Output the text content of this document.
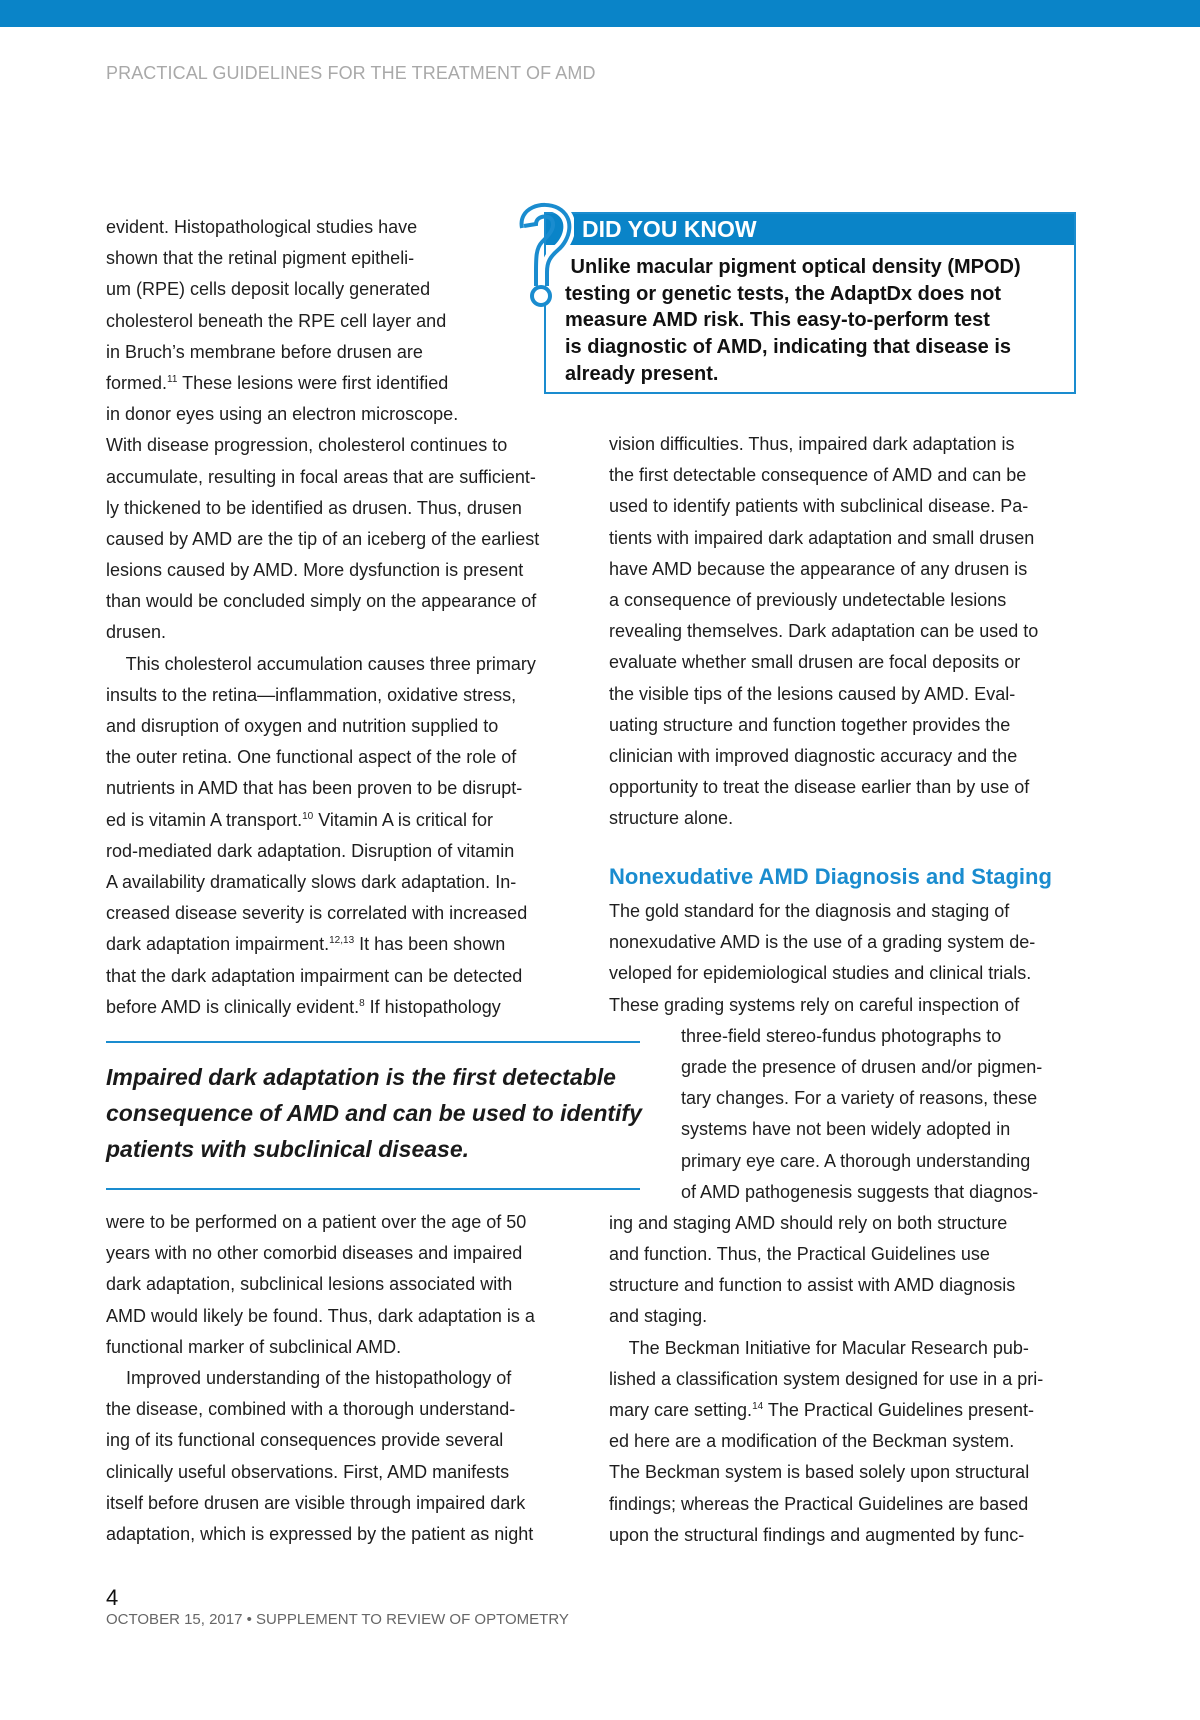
PRACTICAL GUIDELINES FOR THE TREATMENT OF AMD
evident. Histopathological studies have
shown that the retinal pigment epitheli-
um (RPE) cells deposit locally generated
cholesterol beneath the RPE cell layer and
in Bruch’s membrane before drusen are
formed.$^{11}$ These lesions were first identified
in donor eyes using an electron microscope.
With disease progression, cholesterol continues to
accumulate, resulting in focal areas that are sufficient-
ly thickened to be identified as drusen. Thus, drusen
caused by AMD are the tip of an iceberg of the earliest
lesions caused by AMD. More dysfunction is present
than would be concluded simply on the appearance of
drusen.
This cholesterol accumulation causes three primary
insults to the retina—inflammation, oxidative stress,
and disruption of oxygen and nutrition supplied to
the outer retina. One functional aspect of the role of
nutrients in AMD that has been proven to be disrupt-
ed is vitamin A transport.$^{10}$ Vitamin A is critical for
rod-mediated dark adaptation. Disruption of vitamin
A availability dramatically slows dark adaptation. In-
creased disease severity is correlated with increased
dark adaptation impairment.$^{12,13}$ It has been shown
that the dark adaptation impairment can be detected
before AMD is clinically evident.$^8$ If histopathology
Impaired dark adaptation is the first detectable
consequence of AMD and can be used to identify
patients with subclinical disease.
were to be performed on a patient over the age of 50
years with no other comorbid diseases and impaired
dark adaptation, subclinical lesions associated with
AMD would likely be found. Thus, dark adaptation is a
functional marker of subclinical AMD.
Improved understanding of the histopathology of
the disease, combined with a thorough understand-
ing of its functional consequences provide several
clinically useful observations. First, AMD manifests
itself before drusen are visible through impaired dark
adaptation, which is expressed by the patient as night
DID YOU KNOW
Unlike macular pigment optical density (MPOD)
testing or genetic tests, the AdaptDx does not
measure AMD risk. This easy-to-perform test
is diagnostic of AMD, indicating that disease is
already present.
vision difficulties. Thus, impaired dark adaptation is
the first detectable consequence of AMD and can be
used to identify patients with subclinical disease. Pa-
tients with impaired dark adaptation and small drusen
have AMD because the appearance of any drusen is
a consequence of previously undetectable lesions
revealing themselves. Dark adaptation can be used to
evaluate whether small drusen are focal deposits or
the visible tips of the lesions caused by AMD. Eval-
uating structure and function together provides the
clinician with improved diagnostic accuracy and the
opportunity to treat the disease earlier than by use of
structure alone.
Nonexudative AMD Diagnosis and Staging
The gold standard for the diagnosis and staging of
nonexudative AMD is the use of a grading system de-
veloped for epidemiological studies and clinical trials.
These grading systems rely on careful inspection of
three-field stereo-fundus photographs to
grade the presence of drusen and/or pigmen-
tary changes. For a variety of reasons, these
systems have not been widely adopted in
primary eye care. A thorough understanding
of AMD pathogenesis suggests that diagnos-
ing and staging AMD should rely on both structure
and function. Thus, the Practical Guidelines use
structure and function to assist with AMD diagnosis
and staging.
The Beckman Initiative for Macular Research pub-
lished a classification system designed for use in a pri-
mary care setting.$^{14}$ The Practical Guidelines present-
ed here are a modification of the Beckman system.
The Beckman system is based solely upon structural
findings; whereas the Practical Guidelines are based
upon the structural findings and augmented by func-
4
OCTOBER 15, 2017 • SUPPLEMENT TO REVIEW OF OPTOMETRY
